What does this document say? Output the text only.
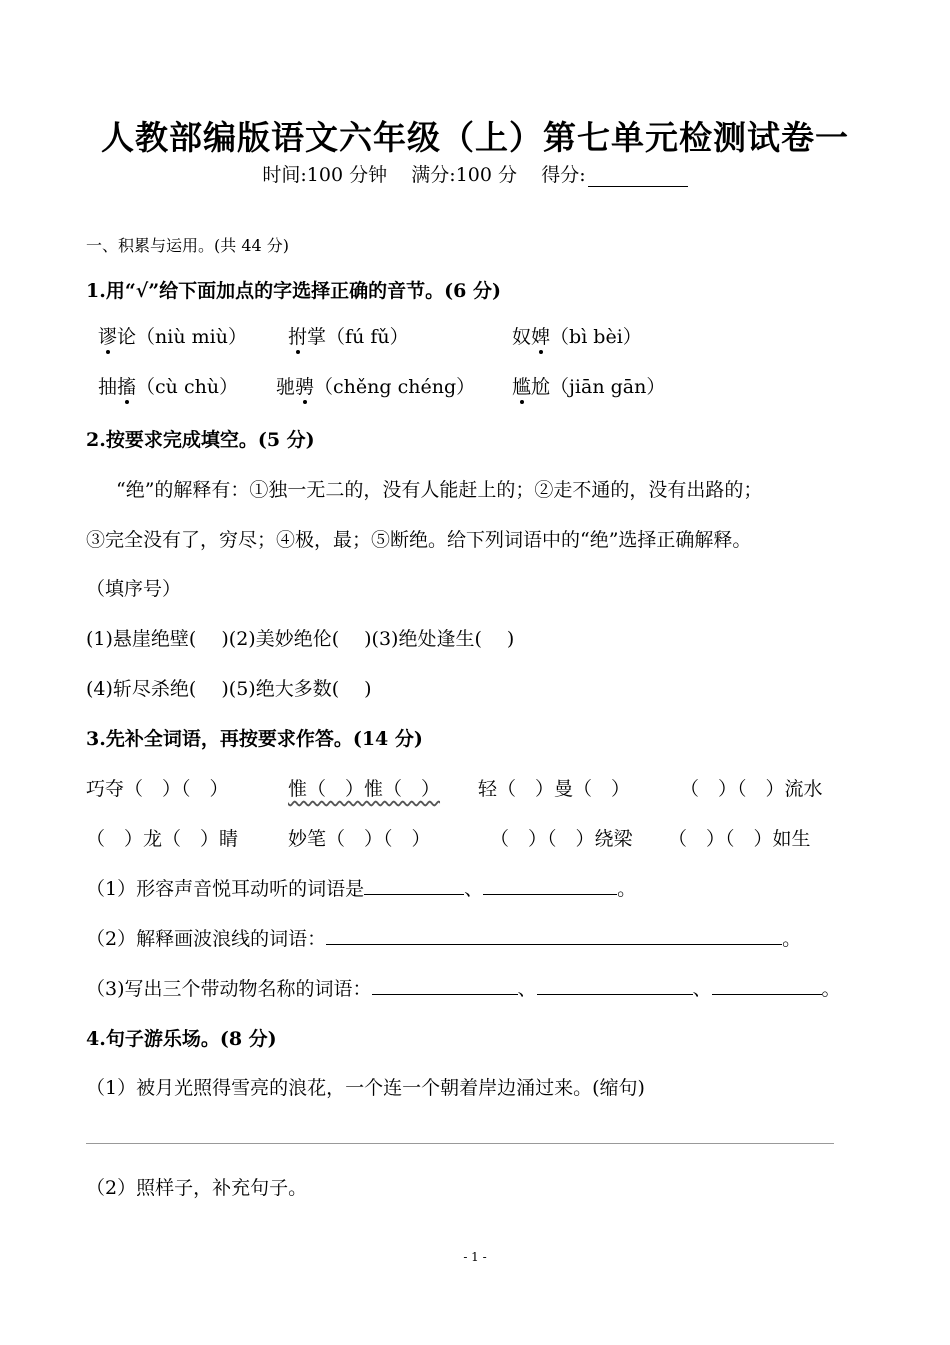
人教部编版语文六年级（上）第七单元检测试卷一
时间:100 分钟 满分:100 分 得分:
一、积累与运用。(共 44 分)
1.用“√”给下面加点的字选择正确的音节。(6 分)
谬论（niù miù） 拊掌（fú fǔ）	奴婢（bì bèi）
抽搐（cù chù） 驰骋（chěng chéng） 尴尬（jiān gān）
2.按要求完成填空。(5 分)
“绝”的解释有：①独一无二的，没有人能赶上的；②走不通的，没有出路的；
③完全没有了，穷尽；④极，最；⑤断绝。给下列词语中的“绝”选择正确解释。
（填序号）
(1)悬崖绝壁(　 )(2)美妙绝伦(　 )(3)绝处逢生(　 )
(4)斩尽杀绝(　 )(5)绝大多数(　 )
3.先补全词语，再按要求作答。(14 分)
巧夺（　）（　）	惟（　）惟（　） 轻（　）曼（　）	（　）（　）流水
（　）龙（　）睛	妙笔（　）（　）	（　）（　）绕梁 （　）（　）如生
（1）形容声音悦耳动听的词语是	、	。
（2）解释画波浪线的词语：	。
（3)写出三个带动物名称的词语：	、	、	。
4.句子游乐场。(8 分)
（1）被月光照得雪亮的浪花，一个连一个朝着岸边涌过来。(缩句)
（2）照样子，补充句子。
- 1 -
